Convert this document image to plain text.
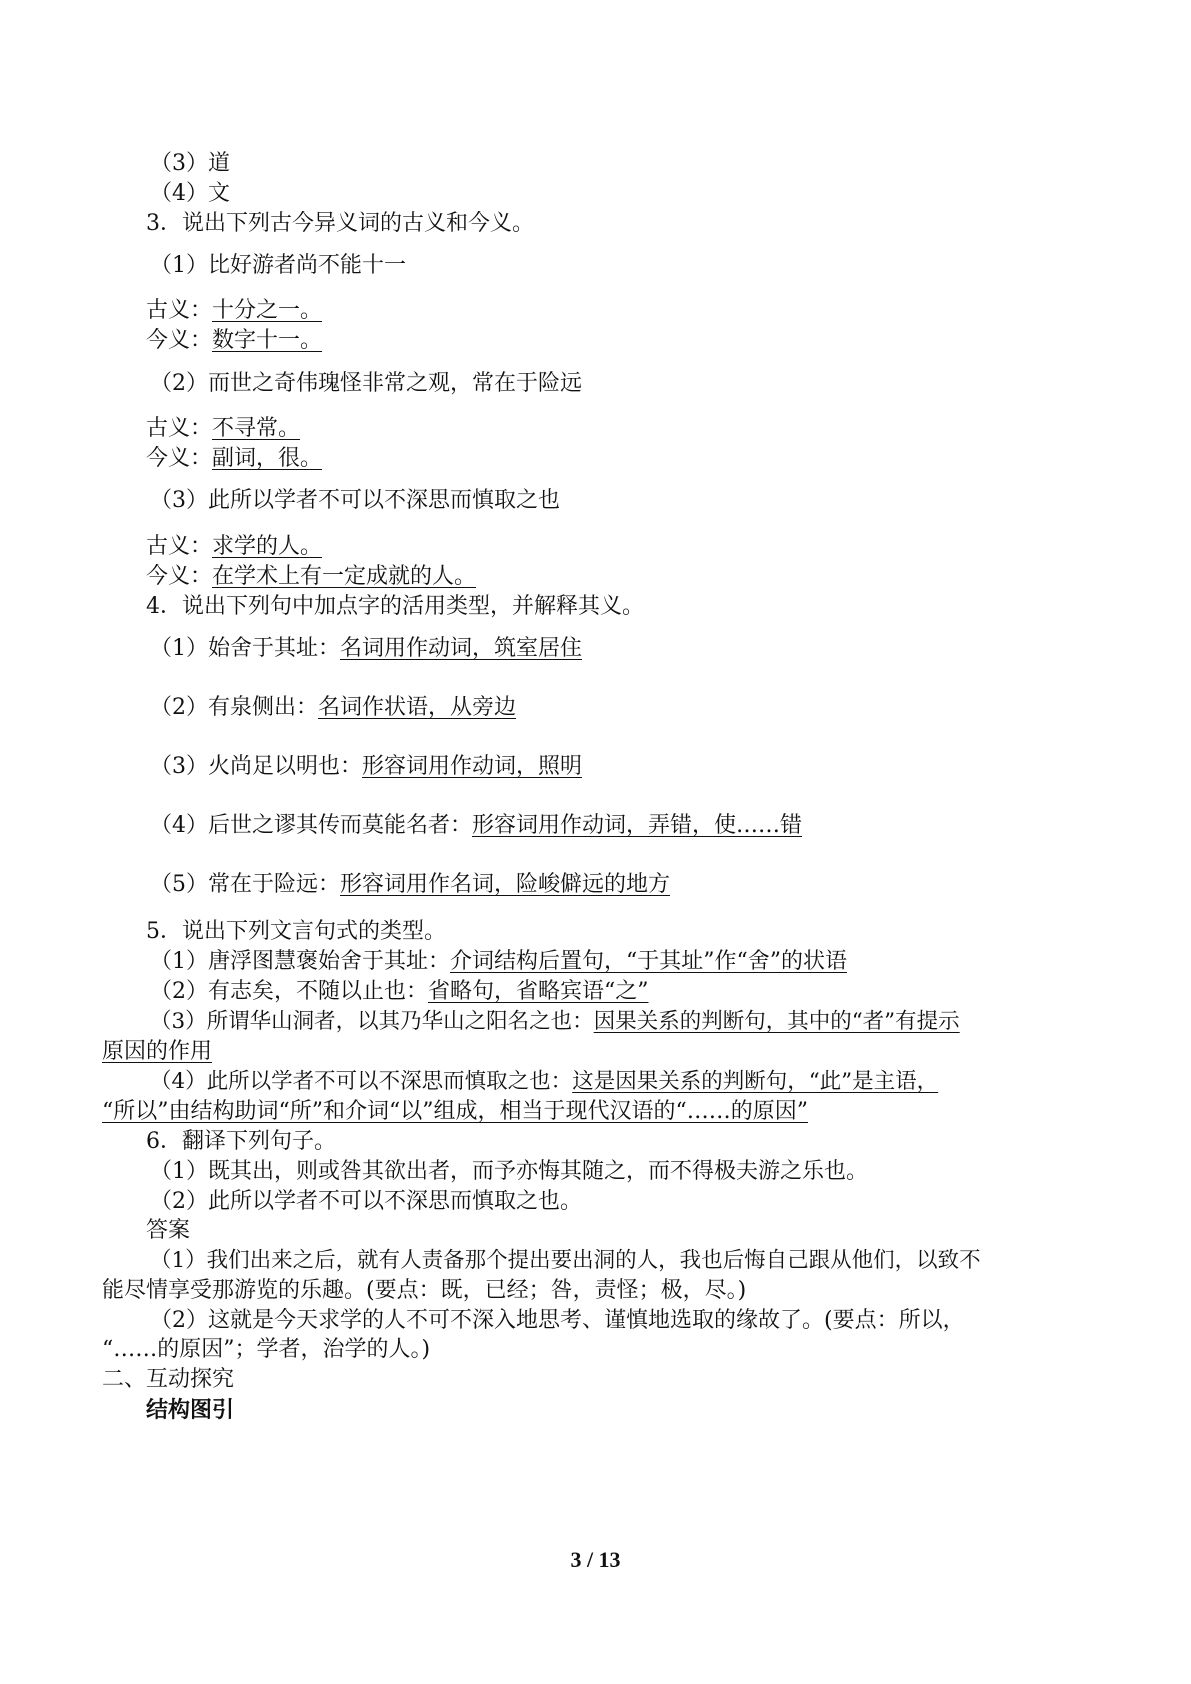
（3）道
（4）文
3．说出下列古今异义词的古义和今义。
（1）比好游者尚不能十一
古义：十分之一。
今义：数字十一。
（2）而世之奇伟瑰怪非常之观，常在于险远
古义：不寻常。
今义：副词，很。
（3）此所以学者不可以不深思而慎取之也
古义：求学的人。
今义：在学术上有一定成就的人。
4．说出下列句中加点字的活用类型，并解释其义。
（1）始舍于其址：名词用作动词，筑室居住
（2）有泉侧出：名词作状语，从旁边
（3）火尚足以明也：形容词用作动词，照明
（4）后世之谬其传而莫能名者：形容词用作动词，弄错，使……错
（5）常在于险远：形容词用作名词，险峻僻远的地方
5．说出下列文言句式的类型。
（1）唐浮图慧褒始舍于其址：介词结构后置句，“于其址”作“舍”的状语
（2）有志矣，不随以止也：省略句，省略宾语“之”
（3）所谓华山洞者，以其乃华山之阳名之也：因果关系的判断句，其中的“者”有提示
原因的作用
（4）此所以学者不可以不深思而慎取之也：这是因果关系的判断句，“此”是主语，
“所以”由结构助词“所”和介词“以”组成，相当于现代汉语的“……的原因”
6．翻译下列句子。
（1）既其出，则或咎其欲出者，而予亦悔其随之，而不得极夫游之乐也。
（2）此所以学者不可以不深思而慎取之也。
答案
（1）我们出来之后，就有人责备那个提出要出洞的人，我也后悔自己跟从他们，以致不
能尽情享受那游览的乐趣。(要点：既，已经；咎，责怪；极，尽。)
（2）这就是今天求学的人不可不深入地思考、谨慎地选取的缘故了。(要点：所以，
“……的原因”；学者，治学的人。)
二、互动探究
结构图引
3 / 13
